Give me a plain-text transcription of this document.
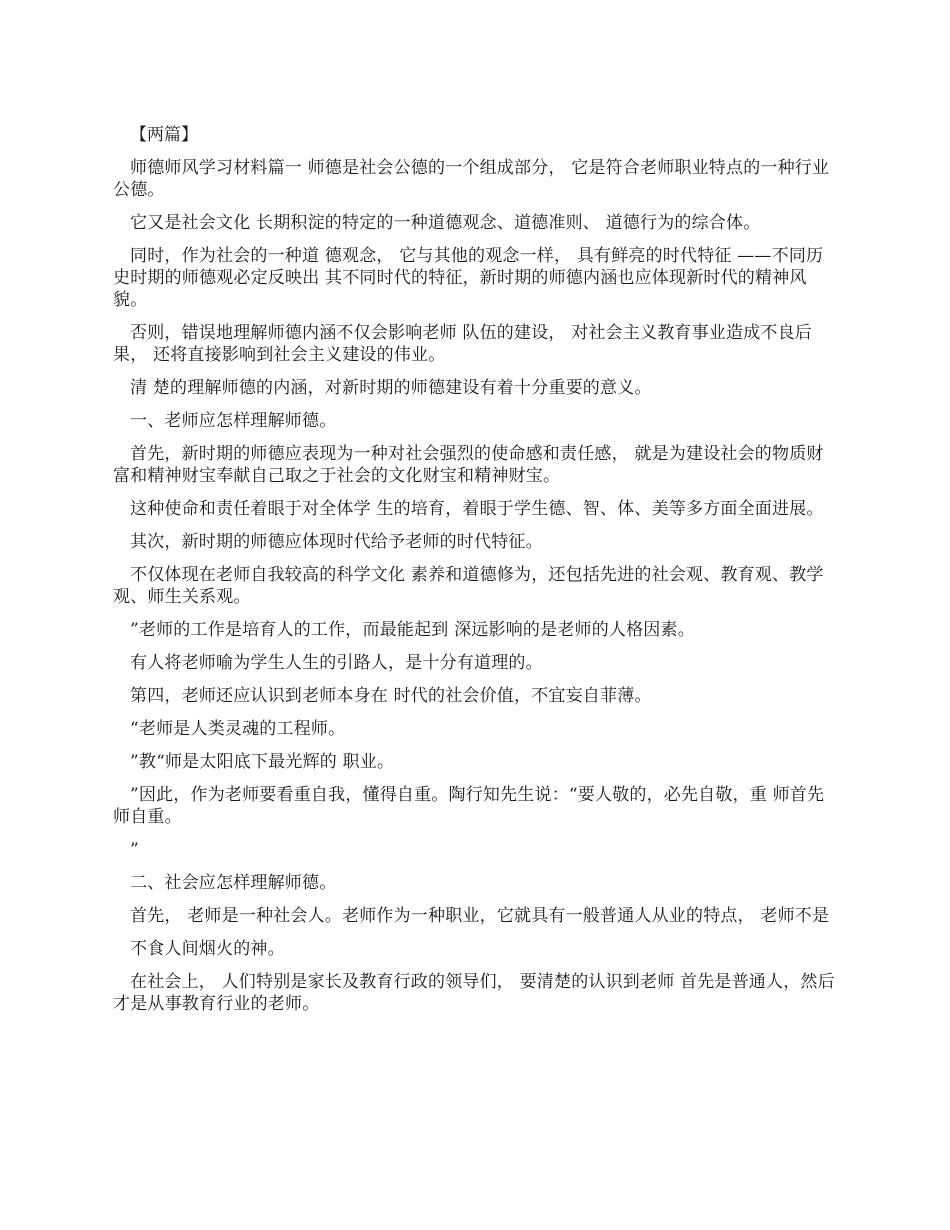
【两篇】

师德师风学习材料篇一 师德是社会公德的一个组成部分， 它是符合老师职业特点的一种行业公德。

它又是社会文化 长期积淀的特定的一种道德观念、道德准则、 道德行为的综合体。

同时，作为社会的一种道 德观念， 它与其他的观念一样， 具有鲜亮的时代特征 ——不同历史时期的师德观必定反映出 其不同时代的特征，新时期的师德内涵也应体现新时代的精神风貌。

否则，错误地理解师德内涵不仅会影响老师 队伍的建设， 对社会主义教育事业造成不良后果， 还将直接影响到社会主义建设的伟业。

清 楚的理解师德的内涵，对新时期的师德建设有着十分重要的意义。

一、老师应怎样理解师德。

首先，新时期的师德应表现为一种对社会强烈的使命感和责任感， 就是为建设社会的物质财 富和精神财宝奉献自己取之于社会的文化财宝和精神财宝。

这种使命和责任着眼于对全体学 生的培育，着眼于学生德、智、体、美等多方面全面进展。

其次，新时期的师德应体现时代给予老师的时代特征。

不仅体现在老师自我较高的科学文化 素养和道德修为，还包括先进的社会观、教育观、教学观、师生关系观。

”老师的工作是培育人的工作，而最能起到 深远影响的是老师的人格因素。

有人将老师喻为学生人生的引路人，是十分有道理的。

第四，老师还应认识到老师本身在 时代的社会价值，不宜妄自菲薄。

“老师是人类灵魂的工程师。

”教“师是太阳底下最光辉的 职业。

”因此，作为老师要看重自我，懂得自重。陶行知先生说：“要人敬的，必先自敬，重 师首先师自重。

”

二、社会应怎样理解师德。

首先， 老师是一种社会人。老师作为一种职业，它就具有一般普通人从业的特点， 老师不是

不食人间烟火的神。

在社会上， 人们特别是家长及教育行政的领导们， 要清楚的认识到老师 首先是普通人，然后才是从事教育行业的老师。
